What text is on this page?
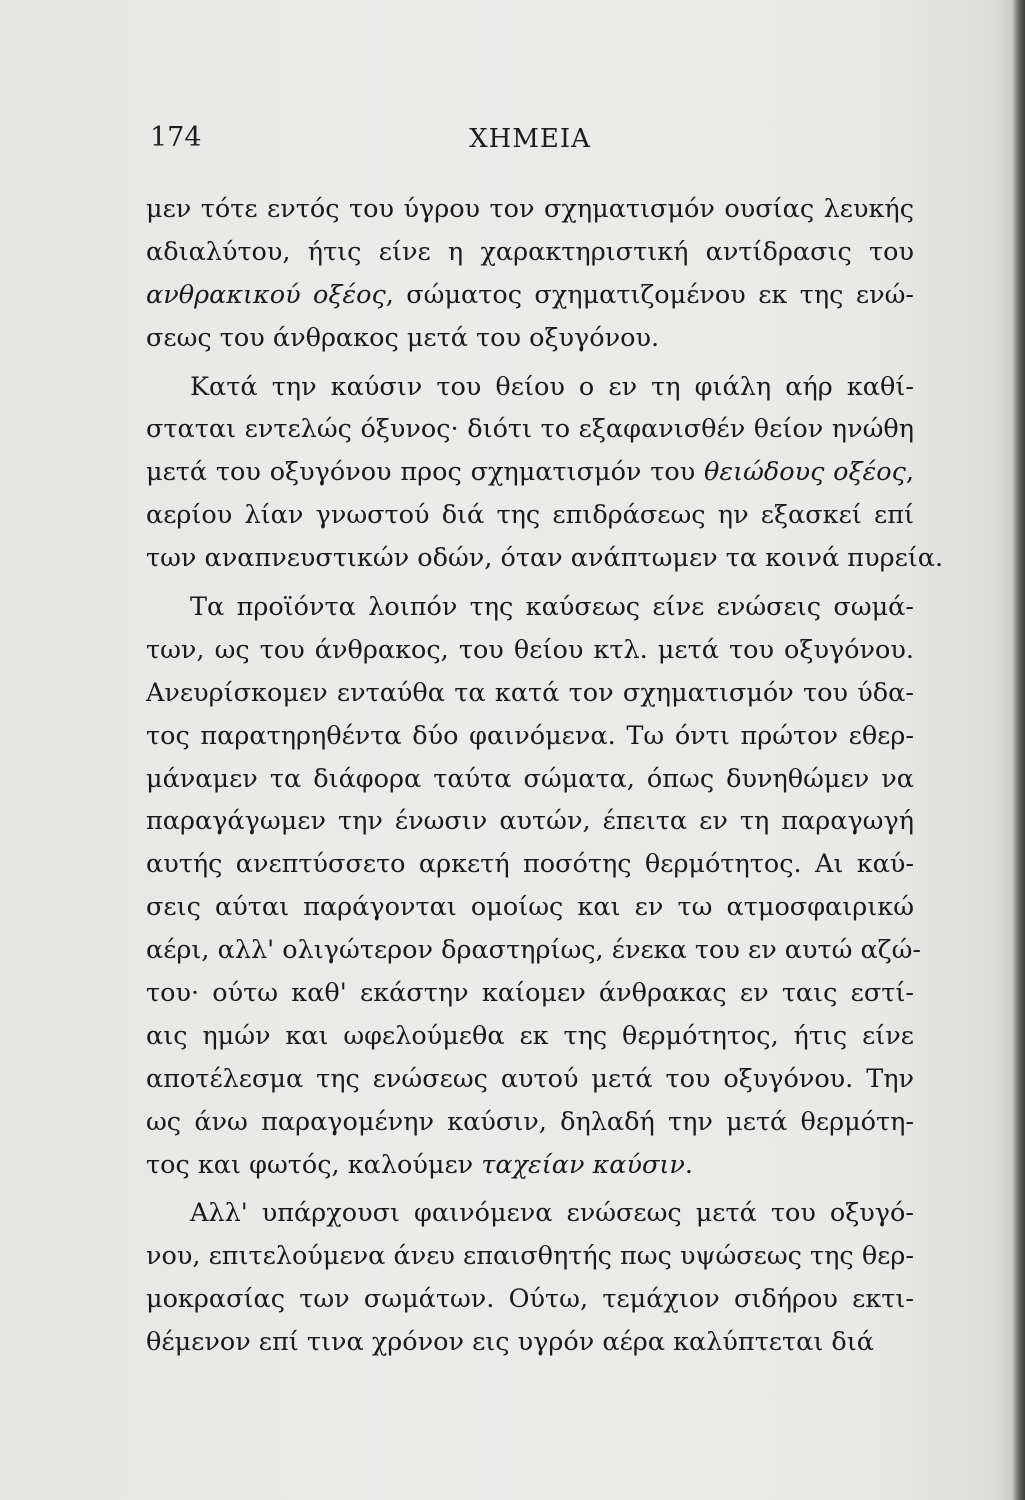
174	ΧΗΜΕΙΑ
μεν τότε εντός του ύγρου τον σχηματισμόν ουσίας λευκής
αδιαλύτου, ήτις είνε η χαρακτηριστική αντίδρασις του
ανθρακικού οξέος, σώματος σχηματιζομένου εκ της ενώ-
σεως του άνθρακος μετά του οξυγόνου.
Κατά την καύσιν του θείου ο εν τη φιάλη αήρ καθί-
σταται εντελώς όξυνος· διότι το εξαφανισθέν θείον ηνώθη
μετά του οξυγόνου προς σχηματισμόν του θειώδους οξέος,
αερίου λίαν γνωστού διά της επιδράσεως ην εξασκεί επί
των αναπνευστικών οδών, όταν ανάπτωμεν τα κοινά πυρεία.
Τα προϊόντα λοιπόν της καύσεως είνε ενώσεις σωμά-
των, ως του άνθρακος, του θείου κτλ. μετά του οξυγόνου.
Ανευρίσκομεν ενταύθα τα κατά τον σχηματισμόν του ύδα-
τος παρατηρηθέντα δύο φαινόμενα. Τω όντι πρώτον εθερ-
μάναμεν τα διάφορα ταύτα σώματα, όπως δυνηθώμεν να
παραγάγωμεν την ένωσιν αυτών, έπειτα εν τη παραγωγή
αυτής ανεπτύσσετο αρκετή ποσότης θερμότητος. Αι καύ-
σεις αύται παράγονται ομοίως και εν τω ατμοσφαιρικώ
αέρι, αλλ' ολιγώτερον δραστηρίως, ένεκα του εν αυτώ αζώ-
του· ούτω καθ' εκάστην καίομεν άνθρακας εν ταις εστί-
αις ημών και ωφελούμεθα εκ της θερμότητος, ήτις είνε
αποτέλεσμα της ενώσεως αυτού μετά του οξυγόνου. Την
ως άνω παραγομένην καύσιν, δηλαδή την μετά θερμότη-
τος και φωτός, καλούμεν ταχείαν καύσιν.
Αλλ' υπάρχουσι φαινόμενα ενώσεως μετά του οξυγό-
νου, επιτελούμενα άνευ επαισθητής πως υψώσεως της θερ-
μοκρασίας των σωμάτων. Ούτω, τεμάχιον σιδήρου εκτι-
θέμενον επί τινα χρόνον εις υγρόν αέρα καλύπτεται διά
